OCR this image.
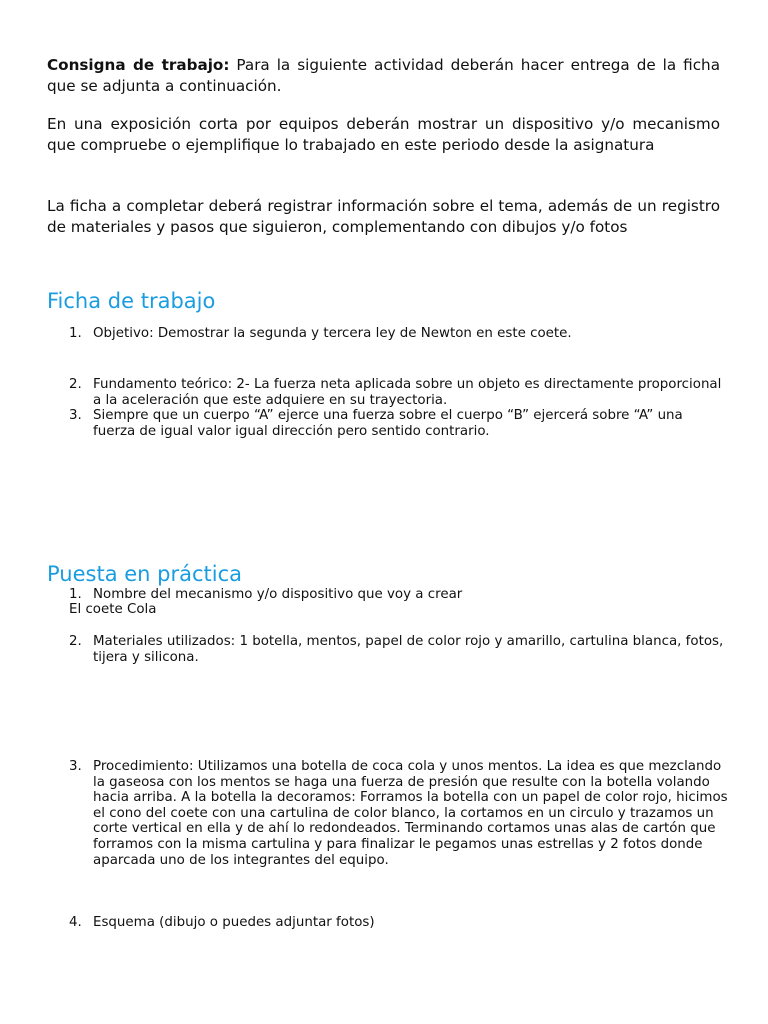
Consigna de trabajo: Para la siguiente actividad deberán hacer entrega de la ficha que se adjunta a continuación.

En una exposición corta por equipos deberán mostrar un dispositivo y/o mecanismo que compruebe o ejemplifique lo trabajado en este periodo desde la asignatura

La ficha a completar deberá registrar información sobre el tema, además de un registro de materiales y pasos que siguieron, complementando con dibujos y/o fotos

Ficha de trabajo
1. Objetivo: Demostrar la segunda y tercera ley de Newton en este coete.
2. Fundamento teórico: 2- La fuerza neta aplicada sobre un objeto es directamente proporcional a la aceleración que este adquiere en su trayectoria.
3. Siempre que un cuerpo “A” ejerce una fuerza sobre el cuerpo “B” ejercerá sobre “A” una fuerza de igual valor igual dirección pero sentido contrario.
Puesta en práctica
1. Nombre del mecanismo y/o dispositivo que voy a crear

El coete Cola

2. Materiales utilizados: 1 botella, mentos, papel de color rojo y amarillo, cartulina blanca, fotos, tijera y silicona.
3. Procedimiento: Utilizamos una botella de coca cola y unos mentos. La idea es que mezclando la gaseosa con los mentos se haga una fuerza de presión que resulte con la botella volando hacia arriba. A la botella la decoramos: Forramos la botella con un papel de color rojo, hicimos el cono del coete con una cartulina de color blanco, la cortamos en un circulo y trazamos un corte vertical en ella y de ahí lo redondeados. Terminando cortamos unas alas de cartón que forramos con la misma cartulina y para finalizar le pegamos unas estrellas y 2 fotos donde aparcada uno de los integrantes del equipo.
4. Esquema (dibujo o puedes adjuntar fotos)
